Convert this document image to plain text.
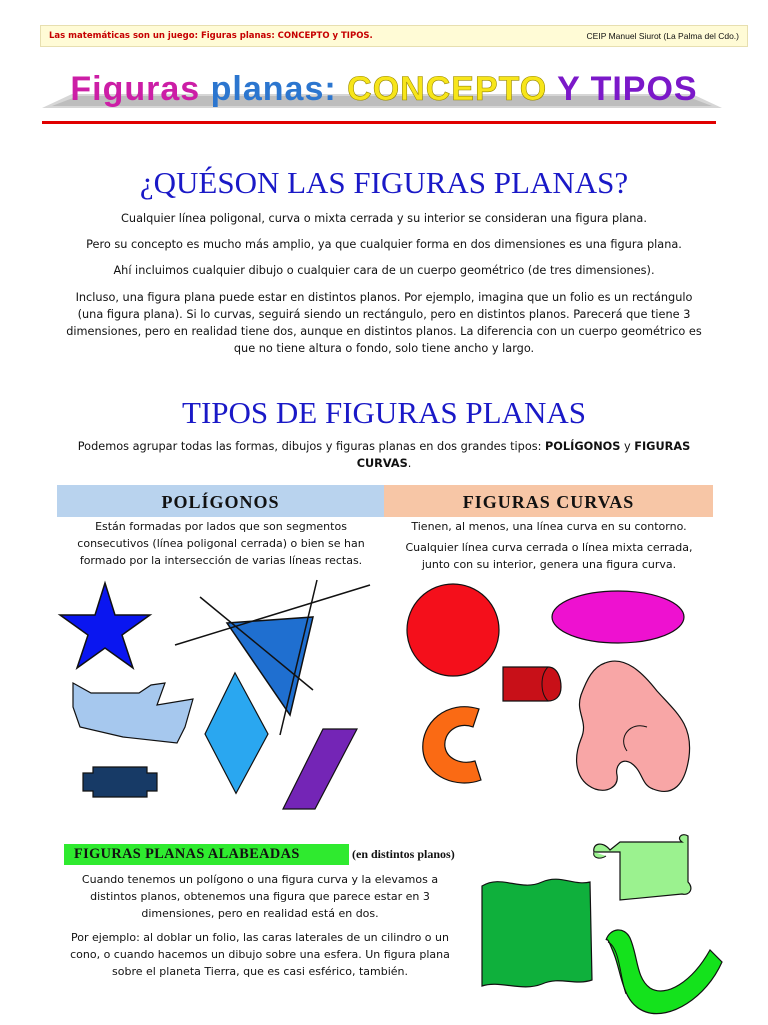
Las matemáticas son un juego: Figuras planas: CONCEPTO y TIPOS.	CEIP Manuel Siurot (La Palma del Cdo.)
Figuras planas: CONCEPTO Y TIPOS
¿QUÉSON LAS FIGURAS PLANAS?
Cualquier línea poligonal, curva o mixta cerrada y su interior se consideran una figura plana.
Pero su concepto es mucho más amplio, ya que cualquier forma en dos dimensiones es una figura plana.
Ahí incluimos cualquier dibujo o cualquier cara de un cuerpo geométrico (de tres dimensiones).
Incluso, una figura plana puede estar en distintos planos. Por ejemplo, imagina que un folio es un rectángulo (una figura plana). Si lo curvas, seguirá siendo un rectángulo, pero en distintos planos. Parecerá que tiene 3 dimensiones, pero en realidad tiene dos, aunque en distintos planos. La diferencia con un cuerpo geométrico es que no tiene altura o fondo, solo tiene ancho y largo.
TIPOS DE FIGURAS PLANAS
Podemos agrupar todas las formas, dibujos y figuras planas en dos grandes tipos: POLÍGONOS y FIGURAS CURVAS.
POLÍGONOS	FIGURAS CURVAS
Están formadas por lados que son segmentos consecutivos (línea poligonal cerrada) o bien se han formado por la intersección de varias líneas rectas.
Tienen, al menos, una línea curva en su contorno.
Cualquier línea curva cerrada o línea mixta cerrada, junto con su interior, genera una figura curva.
FIGURAS PLANAS ALABEADAS	(en distintos planos)
Cuando tenemos un polígono o una figura curva y la elevamos a distintos planos, obtenemos una figura que parece estar en 3 dimensiones, pero en realidad está en dos.
Por ejemplo: al doblar un folio, las caras laterales de un cilindro o un cono, o cuando hacemos un dibujo sobre una esfera. Un figura plana sobre el planeta Tierra, que es casi esférico, también.
